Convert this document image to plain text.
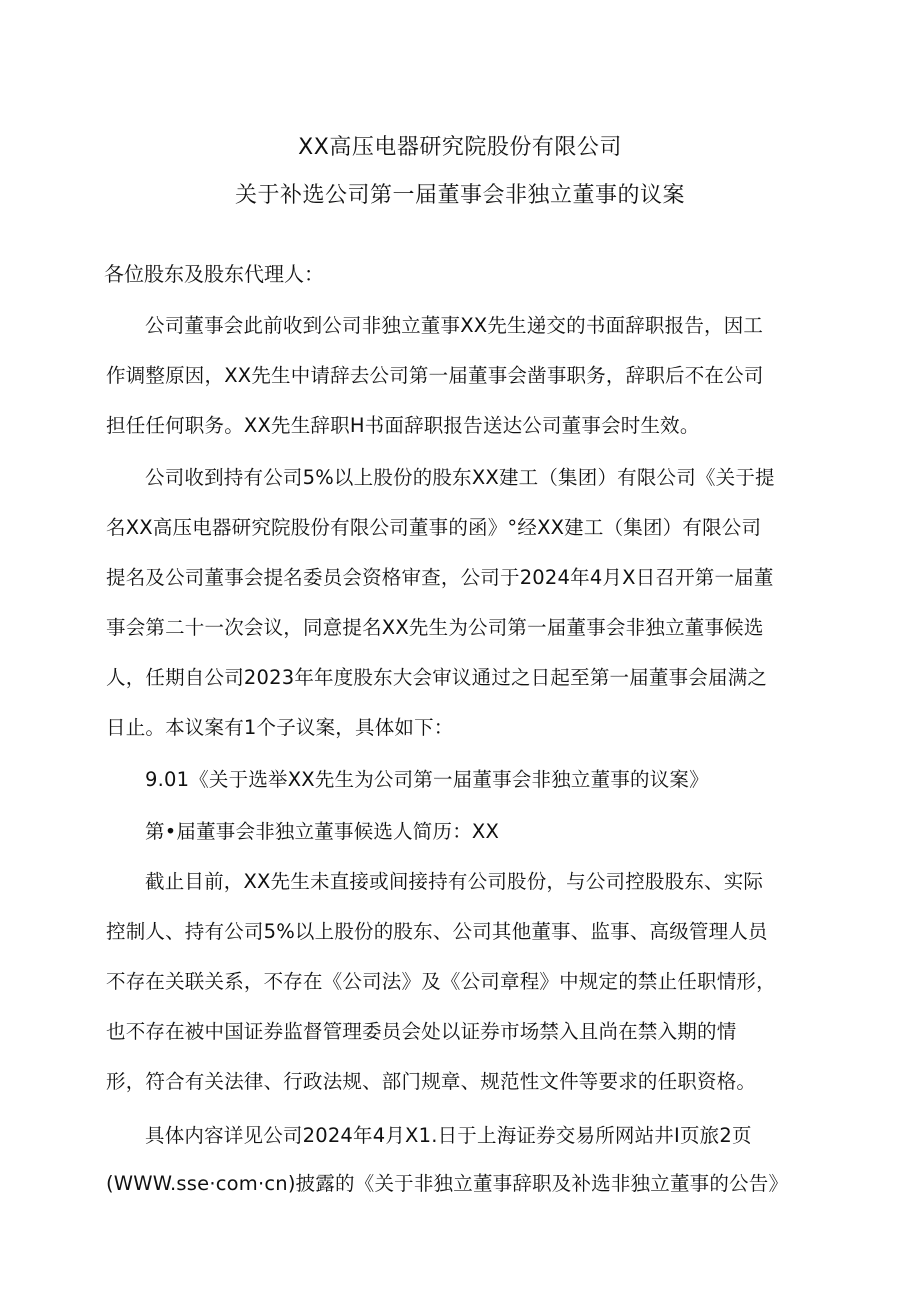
XX高压电器研究院股份有限公司
关于补选公司第一届董事会非独立董事的议案
各位股东及股东代理人：
公司董事会此前收到公司非独立董事XX先生递交的书面辞职报告，因工
作调整原因，XX先生中请辞去公司第一届董事会凿事职务，辞职后不在公司
担任任何职务。XX先生辞职H书面辞职报告送达公司董事会时生效。
公司收到持有公司5%以上股份的股东XX建工（集团）有限公司《关于提
名XX高压电器研究院股份有限公司董事的函》°经XX建工（集团）有限公司
提名及公司董事会提名委员会资格审查，公司于2024年4月X日召开第一届董
事会第二十一次会议，同意提名XX先生为公司第一届董事会非独立董事候选
人，任期自公司2023年年度股东大会审议通过之日起至第一届董事会届满之
日止。本议案有1个子议案，具体如下：
9.01《关于选举XX先生为公司第一届董事会非独立董事的议案》
第•届董事会非独立董事候选人简历：XX
截止目前，XX先生未直接或间接持有公司股份，与公司控股股东、实际
控制人、持有公司5%以上股份的股东、公司其他董事、监事、高级管理人员
不存在关联关系，不存在《公司法》及《公司章程》中规定的禁止任职情形，
也不存在被中国证券监督管理委员会处以证券市场禁入且尚在禁入期的情
形，符合有关法律、行政法规、部门规章、规范性文件等要求的任职资格。
具体内容详见公司2024年4月X1.日于上海证券交易所网站井I页旅2页
(WWW.sse·com·cn)披露的《关于非独立董事辞职及补选非独立董事的公告》
